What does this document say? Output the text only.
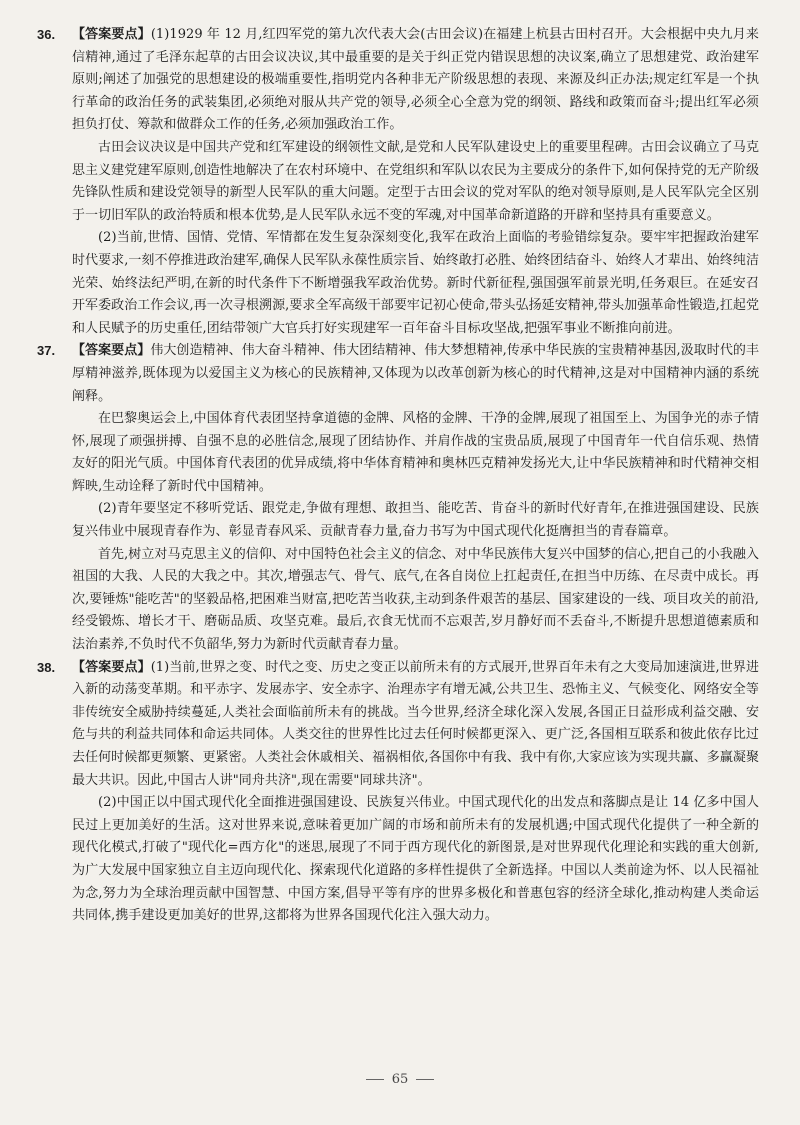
36. 【答案要点】(1)1929 年 12 月,红四军党的第九次代表大会(古田会议)在福建上杭县古田村召开。大会根据中央九月来信精神,通过了毛泽东起草的古田会议决议,其中最重要的是关于纠正党内错误思想的决议案,确立了思想建党、政治建军原则;阐述了加强党的思想建设的极端重要性,指明党内各种非无产阶级思想的表现、来源及纠正办法;规定红军是一个执行革命的政治任务的武装集团,必须绝对服从共产党的领导,必须全心全意为党的纲领、路线和政策而奋斗;提出红军必须担负打仗、筹款和做群众工作的任务,必须加强政治工作。

古田会议决议是中国共产党和红军建设的纲领性文献,是党和人民军队建设史上的重要里程碑。古田会议确立了马克思主义建党建军原则,创造性地解决了在农村环境中、在党组织和军队以农民为主要成分的条件下,如何保持党的无产阶级先锋队性质和建设党领导的新型人民军队的重大问题。定型于古田会议的党对军队的绝对领导原则,是人民军队完全区别于一切旧军队的政治特质和根本优势,是人民军队永远不变的军魂,对中国革命新道路的开辟和坚持具有重要意义。

(2)当前,世情、国情、党情、军情都在发生复杂深刻变化,我军在政治上面临的考验错综复杂。要牢牢把握政治建军时代要求,一刻不停推进政治建军,确保人民军队永葆性质宗旨、始终敢打必胜、始终团结奋斗、始终人才辈出、始终纯洁光荣、始终法纪严明,在新的时代条件下不断增强我军政治优势。新时代新征程,强国强军前景光明,任务艰巨。在延安召开军委政治工作会议,再一次寻根溯源,要求全军高级干部要牢记初心使命,带头弘扬延安精神,带头加强革命性锻造,扛起党和人民赋予的历史重任,团结带领广大官兵打好实现建军一百年奋斗目标攻坚战,把强军事业不断推向前进。

37. 【答案要点】伟大创造精神、伟大奋斗精神、伟大团结精神、伟大梦想精神,传承中华民族的宝贵精神基因,汲取时代的丰厚精神滋养,既体现为以爱国主义为核心的民族精神,又体现为以改革创新为核心的时代精神,这是对中国精神内涵的系统阐释。

在巴黎奥运会上,中国体育代表团坚持拿道德的金牌、风格的金牌、干净的金牌,展现了祖国至上、为国争光的赤子情怀,展现了顽强拼搏、自强不息的必胜信念,展现了团结协作、并肩作战的宝贵品质,展现了中国青年一代自信乐观、热情友好的阳光气质。中国体育代表团的优异成绩,将中华体育精神和奥林匹克精神发扬光大,让中华民族精神和时代精神交相辉映,生动诠释了新时代中国精神。

(2)青年要坚定不移听党话、跟党走,争做有理想、敢担当、能吃苦、肯奋斗的新时代好青年,在推进强国建设、民族复兴伟业中展现青春作为、彰显青春风采、贡献青春力量,奋力书写为中国式现代化挺膺担当的青春篇章。

首先,树立对马克思主义的信仰、对中国特色社会主义的信念、对中华民族伟大复兴中国梦的信心,把自己的小我融入祖国的大我、人民的大我之中。其次,增强志气、骨气、底气,在各自岗位上扛起责任,在担当中历练、在尽责中成长。再次,要锤炼"能吃苦"的坚毅品格,把困难当财富,把吃苦当收获,主动到条件艰苦的基层、国家建设的一线、项目攻关的前沿,经受锻炼、增长才干、磨砺品质、攻坚克难。最后,衣食无忧而不忘艰苦,岁月静好而不丢奋斗,不断提升思想道德素质和法治素养,不负时代不负韶华,努力为新时代贡献青春力量。

38. 【答案要点】(1)当前,世界之变、时代之变、历史之变正以前所未有的方式展开,世界百年未有之大变局加速演进,世界进入新的动荡变革期。和平赤字、发展赤字、安全赤字、治理赤字有增无减,公共卫生、恐怖主义、气候变化、网络安全等非传统安全威胁持续蔓延,人类社会面临前所未有的挑战。当今世界,经济全球化深入发展,各国正日益形成利益交融、安危与共的利益共同体和命运共同体。人类交往的世界性比过去任何时候都更深入、更广泛,各国相互联系和彼此依存比过去任何时候都更频繁、更紧密。人类社会休戚相关、福祸相依,各国你中有我、我中有你,大家应该为实现共赢、多赢凝聚最大共识。因此,中国古人讲"同舟共济",现在需要"同球共济"。

(2)中国正以中国式现代化全面推进强国建设、民族复兴伟业。中国式现代化的出发点和落脚点是让 14 亿多中国人民过上更加美好的生活。这对世界来说,意味着更加广阔的市场和前所未有的发展机遇;中国式现代化提供了一种全新的现代化模式,打破了"现代化=西方化"的迷思,展现了不同于西方现代化的新图景,是对世界现代化理论和实践的重大创新,为广大发展中国家独立自主迈向现代化、探索现代化道路的多样性提供了全新选择。中国以人类前途为怀、以人民福祉为念,努力为全球治理贡献中国智慧、中国方案,倡导平等有序的世界多极化和普惠包容的经济全球化,推动构建人类命运共同体,携手建设更加美好的世界,这都将为世界各国现代化注入强大动力。

65
